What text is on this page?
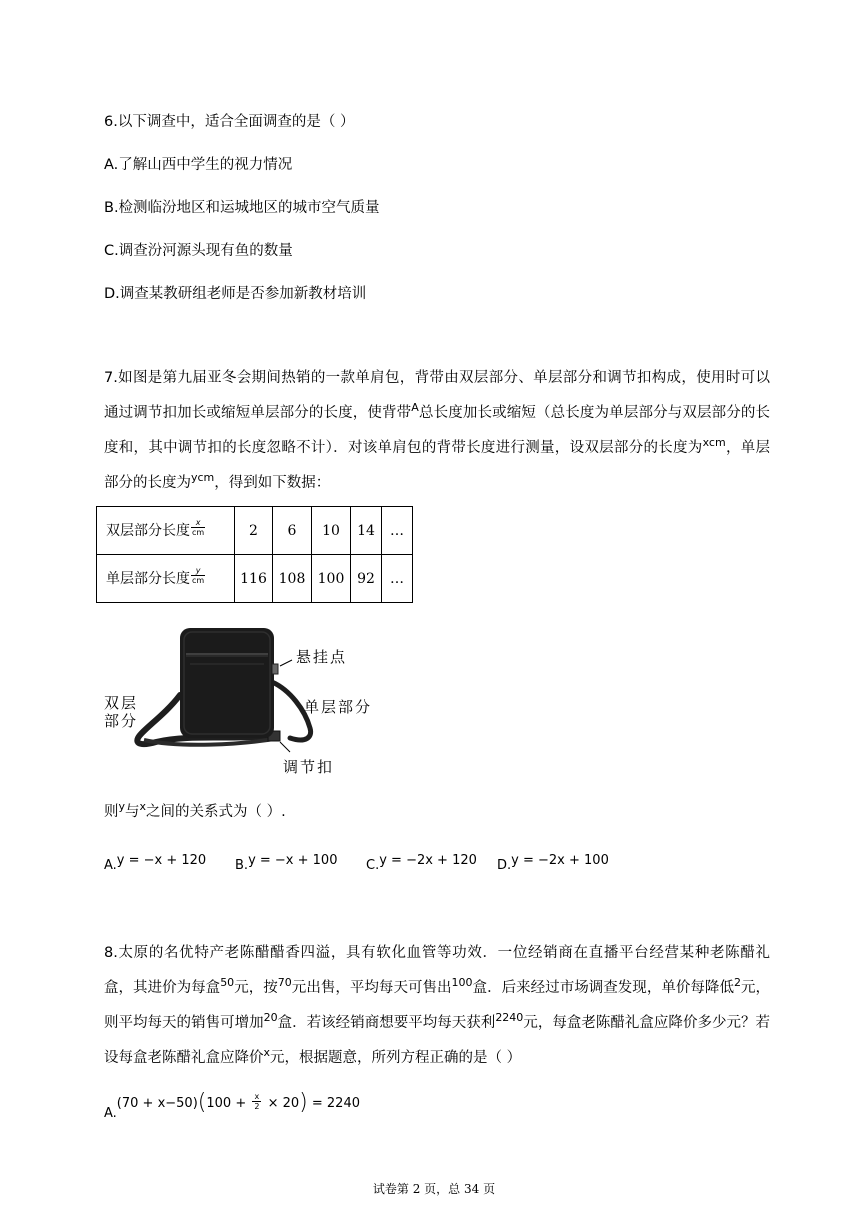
6.以下调查中，适合全面调查的是（ ）
A.了解山西中学生的视力情况
B.检测临汾地区和运城地区的城市空气质量
C.调查汾河源头现有鱼的数量
D.调查某教研组老师是否参加新教材培训
7.如图是第九届亚冬会期间热销的一款单肩包，背带由双层部分、单层部分和调节扣构成，使用时可以通过调节扣加长或缩短单层部分的长度，使背带$^A$总长度加长或缩短（总长度为单层部分与双层部分的长度和，其中调节扣的长度忽略不计）．对该单肩包的背带长度进行测量，设双层部分的长度为$^{xcm}$，单层部分的长度为$^{ycm}$，得到如下数据：
双层部分长度 $\frac{x}{cm}$	2	6	10	14	…
单层部分长度 $\frac{y}{cm}$	116	108	100	92	…
悬挂点
双层
部分
单层部分
调节扣
则$^y$与$^x$之间的关系式为（ ）.
A.y = −x + 120 B.y = −x + 100 C.y = −2x + 120 D.y = −2x + 100
8.太原的名优特产老陈醋醋香四溢，具有软化血管等功效．一位经销商在直播平台经营某种老陈醋礼盒，其进价为每盒$^{50}$元，按$^{70}$元出售，平均每天可售出$^{100}$盒．后来经过市场调查发现，单价每降低$^2$元，则平均每天的销售可增加$^{20}$盒．若该经销商想要平均每天获利$^{2240}$元，每盒老陈醋礼盒应降价多少元？若设每盒老陈醋礼盒应降价$^x$元，根据题意，所列方程正确的是（ ）
$A.(70 + x-50)(100 + \frac{x}{2} \times 20) = 2240$
试卷第 2 页，总 34 页
